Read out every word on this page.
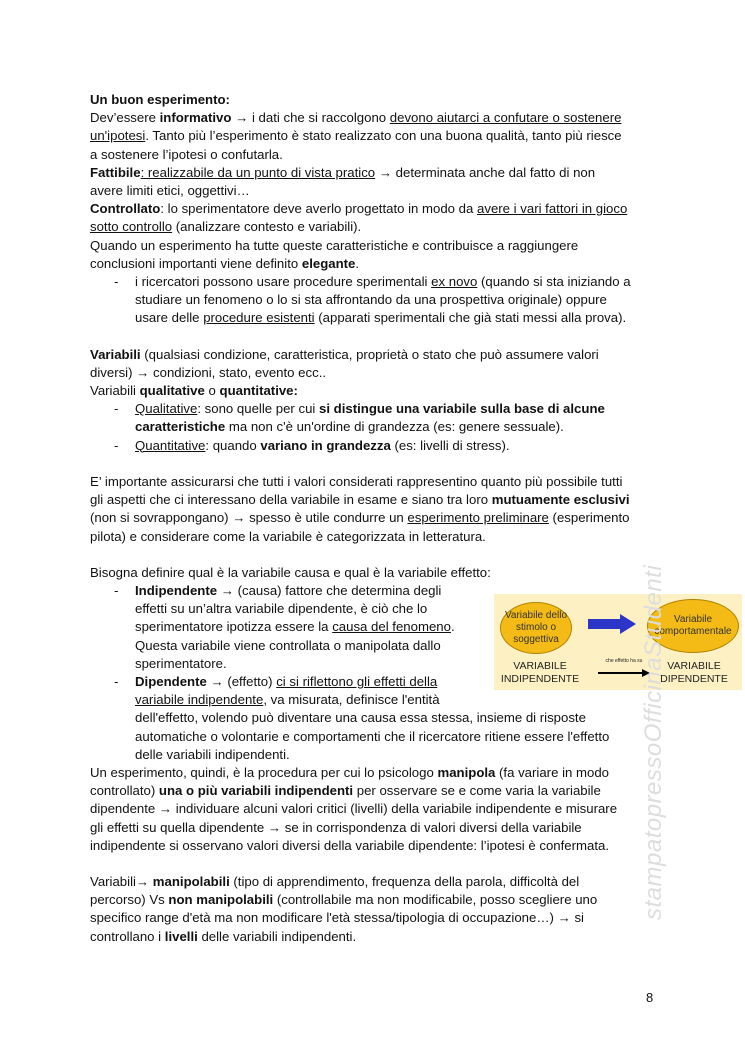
Un buon esperimento:
Dev’essere informativo → i dati che si raccolgono devono aiutarci a confutare o sostenere
un'ipotesi. Tanto più l’esperimento è stato realizzato con una buona qualità, tanto più riesce
a sostenere l’ipotesi o confutarla.
Fattibile: realizzabile da un punto di vista pratico → determinata anche dal fatto di non
avere limiti etici, oggettivi…
Controllato: lo sperimentatore deve averlo progettato in modo da avere i vari fattori in gioco
sotto controllo (analizzare contesto e variabili).
Quando un esperimento ha tutte queste caratteristiche e contribuisce a raggiungere
conclusioni importanti viene definito elegante.
- i ricercatori possono usare procedure sperimentali ex novo (quando si sta iniziando a
studiare un fenomeno o lo si sta affrontando da una prospettiva originale) oppure
usare delle procedure esistenti (apparati sperimentali che già stati messi alla prova).
Variabili (qualsiasi condizione, caratteristica, proprietà o stato che può assumere valori
diversi) → condizioni, stato, evento ecc..
Variabili qualitative o quantitative:
- Qualitative: sono quelle per cui si distingue una variabile sulla base di alcune
caratteristiche ma non c'è un'ordine di grandezza (es: genere sessuale).
- Quantitative: quando variano in grandezza (es: livelli di stress).
E’ importante assicurarsi che tutti i valori considerati rappresentino quanto più possibile tutti
gli aspetti che ci interessano della variabile in esame e siano tra loro mutuamente esclusivi
(non si sovrappongano) → spesso è utile condurre un esperimento preliminare (esperimento
pilota) e considerare come la variabile è categorizzata in letteratura.
Bisogna definire qual è la variabile causa e qual è la variabile effetto:
- Indipendente → (causa) fattore che determina degli
effetti su un’altra variabile dipendente, è ciò che lo
sperimentatore ipotizza essere la causa del fenomeno.
Questa variabile viene controllata o manipolata dallo
sperimentatore.
- Dipendente → (effetto) ci si riflettono gli effetti della
variabile indipendente, va misurata, definisce l'entità
dell'effetto, volendo può diventare una causa essa stessa, insieme di risposte
automatiche o volontarie e comportamenti che il ricercatore ritiene essere l'effetto
delle variabili indipendenti.
Un esperimento, quindi, è la procedura per cui lo psicologo manipola (fa variare in modo
controllato) una o più variabili indipendenti per osservare se e come varia la variabile
dipendente → individuare alcuni valori critici (livelli) della variabile indipendente e misurare
gli effetti su quella dipendente → se in corrispondenza di valori diversi della variabile
indipendente si osservano valori diversi della variabile dipendente: l’ipotesi è confermata.
Variabili→ manipolabili (tipo di apprendimento, frequenza della parola, difficoltà del
percorso) Vs non manipolabili (controllabile ma non modificabile, posso scegliere uno
specifico range d'età ma non modificare l'età stessa/tipologia di occupazione…) → si
controllano i livelli delle variabili indipendenti.
Variabile dello stimolo o soggettiva
Variabile comportamentale
VARIABILE INDIPENDENTE
che effetto ha su	VARIABILE DIPENDENTE
stampatopressoOfficinaStudenti
8
